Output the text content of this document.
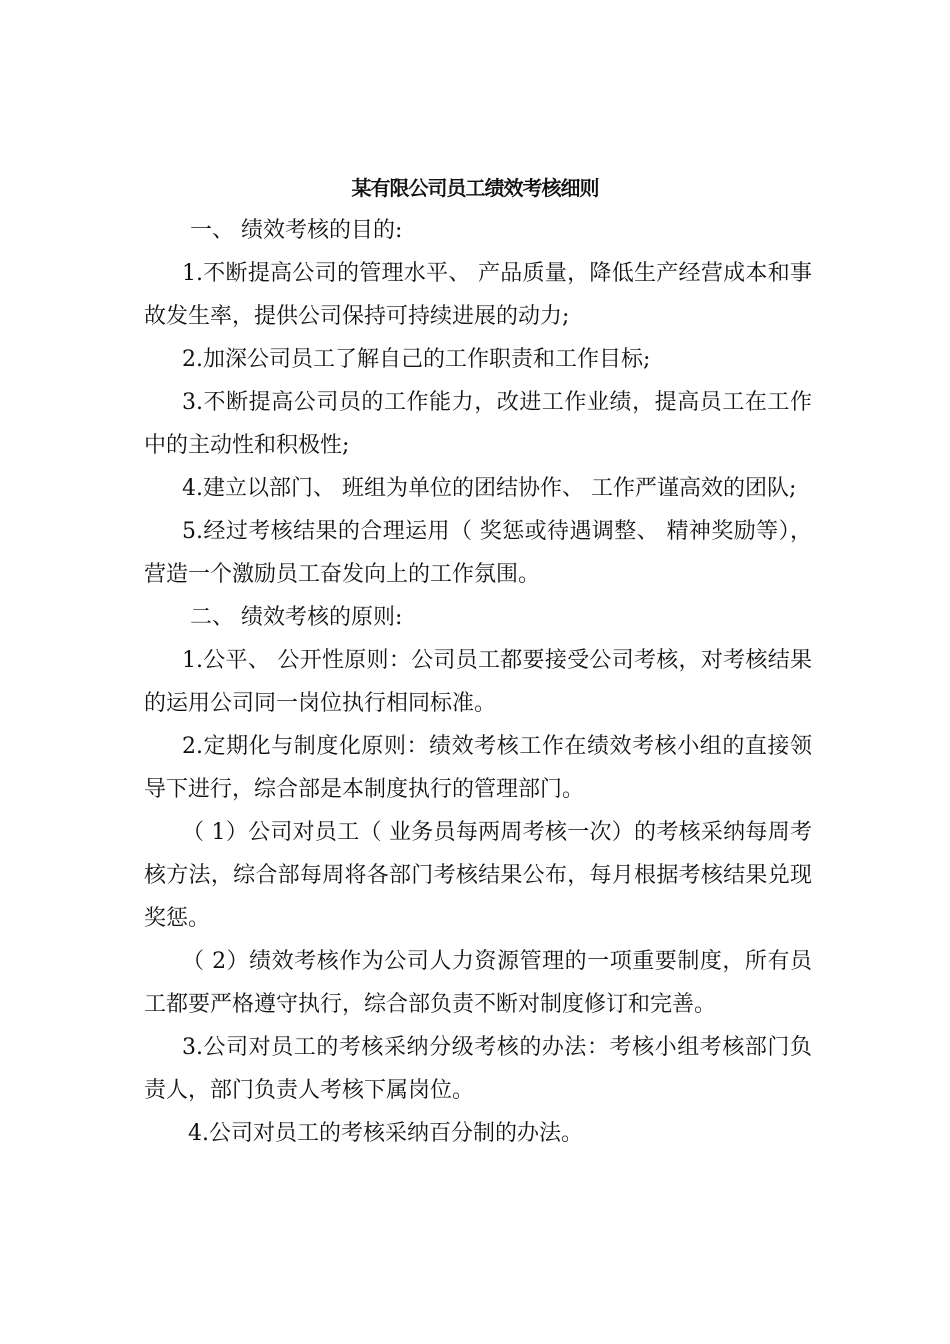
某有限公司员工绩效考核细则

一、 绩效考核的目的:

1.不断提高公司的管理水平、 产品质量，降低生产经营成本和事故发生率，提供公司保持可持续进展的动力;

2.加深公司员工了解自己的工作职责和工作目标;

3.不断提高公司员的工作能力，改进工作业绩，提高员工在工作中的主动性和积极性;

4.建立以部门、 班组为单位的团结协作、 工作严谨高效的团队;

5.经过考核结果的合理运用（ 奖惩或待遇调整、 精神奖励等），营造一个激励员工奋发向上的工作氛围。

二、 绩效考核的原则:

1.公平、 公开性原则：公司员工都要接受公司考核，对考核结果的运用公司同一岗位执行相同标准。

2.定期化与制度化原则：绩效考核工作在绩效考核小组的直接领导下进行，综合部是本制度执行的管理部门。

（ 1）公司对员工（ 业务员每两周考核一次）的考核采纳每周考核方法，综合部每周将各部门考核结果公布，每月根据考核结果兑现奖惩。

（ 2）绩效考核作为公司人力资源管理的一项重要制度，所有员工都要严格遵守执行，综合部负责不断对制度修订和完善。

3.公司对员工的考核采纳分级考核的办法：考核小组考核部门负责人，部门负责人考核下属岗位。

4.公司对员工的考核采纳百分制的办法。
